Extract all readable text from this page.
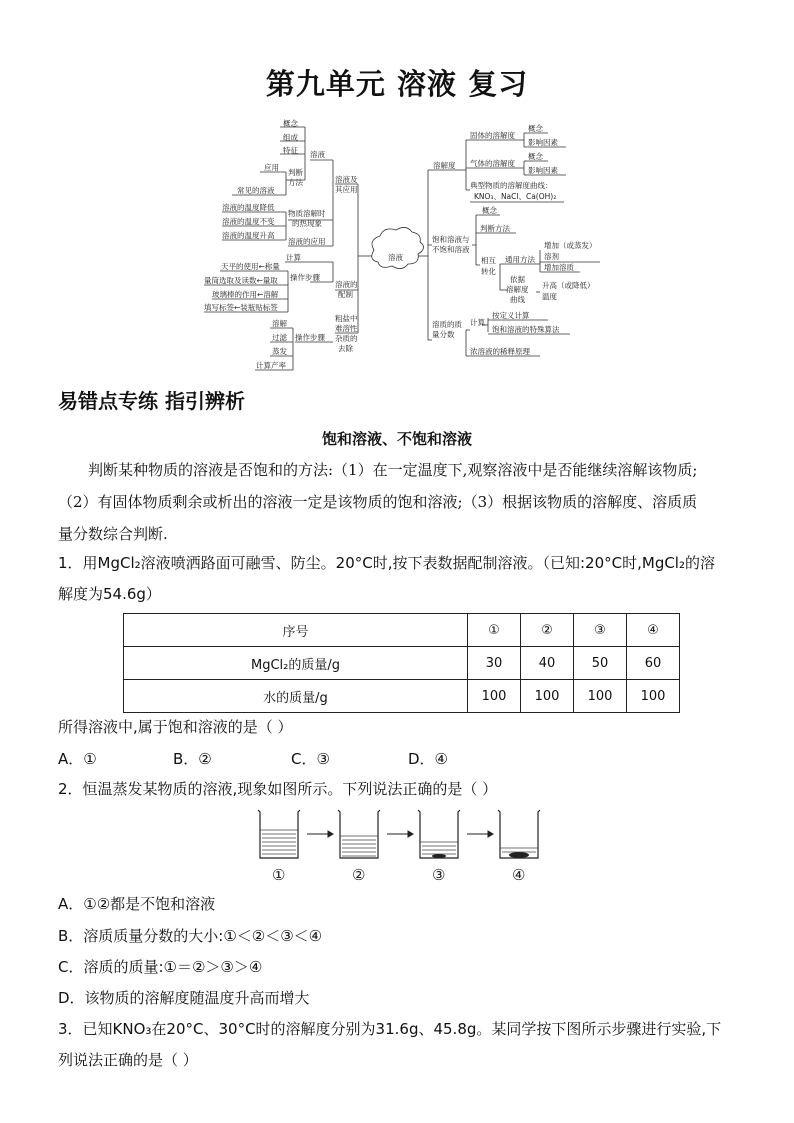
第九单元 溶液 复习
溶液
溶液及
其应用
溶液
概念
组成
特征
判断
方法
应用
常见的溶液
物质溶解时
的热现象
溶液的温度降低
溶液的温度不变
溶液的温度升高
溶液的应用
溶液的
配制
计算
操作步骤
天平的使用←称量
量筒选取及读数←量取
玻璃棒的作用←溶解
填写标签←装瓶贴标签
粗盐中
难溶性
杂质的
去除
操作步骤
溶解
过滤
蒸发
计算产率
溶解度
固体的溶解度
气体的溶解度
概念
影响因素
概念
影响因素
典型物质的溶解度曲线：
KNO₃、NaCl、Ca(OH)₂
饱和溶液与
不饱和溶液
概念
判断方法
相互
转化
通用方法
增加（或蒸发）
溶剂
增加溶质
依据
溶解度
曲线
升高（或降低）
温度
溶质的质
量分数
计算
按定义计算
饱和溶液的特殊算法
浓溶液的稀释原理
易错点专练 指引辨析
饱和溶液、不饱和溶液
判断某种物质的溶液是否饱和的方法:（1）在一定温度下,观察溶液中是否能继续溶解该物质;
（2）有固体物质剩余或析出的溶液一定是该物质的饱和溶液;（3）根据该物质的溶解度、溶质质
量分数综合判断.
1．用MgCl₂溶液喷洒路面可融雪、防尘。20°C时,按下表数据配制溶液。（已知:20°C时,MgCl₂的溶
解度为54.6g）
序号	①	②	③	④
MgCl₂的质量/g	30	40	50	60
水的质量/g	100	100	100	100
所得溶液中,属于饱和溶液的是（ ）
A．①	B．②	C．③	D．④
2．恒温蒸发某物质的溶液,现象如图所示。下列说法正确的是（ ）
①	②	③	④
A．①②都是不饱和溶液
B．溶质质量分数的大小:①＜②＜③＜④
C．溶质的质量:①＝②＞③＞④
D．该物质的溶解度随温度升高而增大
3．已知KNO₃在20°C、30°C时的溶解度分别为31.6g、45.8g。某同学按下图所示步骤进行实验,下
列说法正确的是（ ）
